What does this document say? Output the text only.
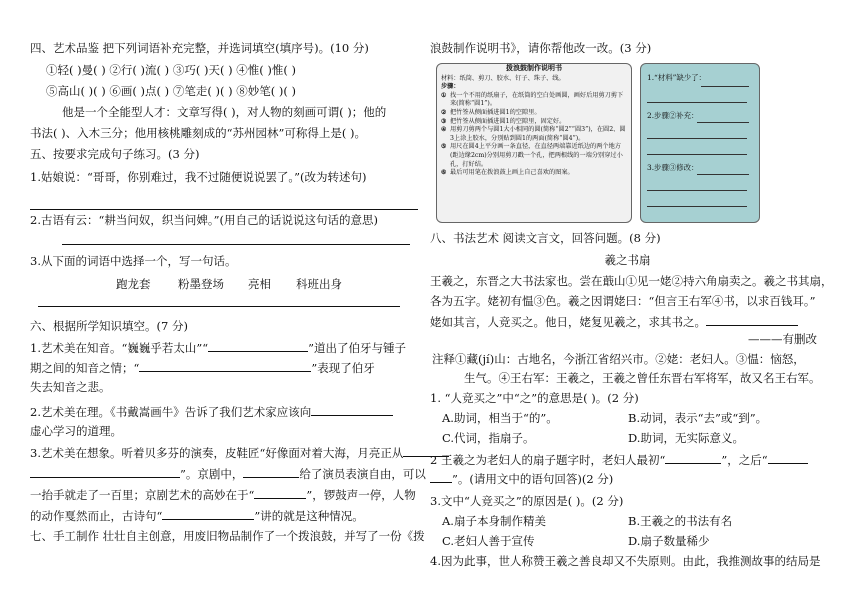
四、艺术品鉴 把下列词语补充完整，并选词填空(填序号)。(10 分)
①轻( )曼( ) ②行( )流( ) ③巧( )天( ) ④惟( )惟( )
⑤高山( )( ) ⑥画( )点( ) ⑦笔走( )( ) ⑧妙笔( )( )
他是一个全能型人才：文章写得( )，对人物的刻画可谓( )；他的
书法( )、入木三分；他用核桃雕刻成的“苏州园林”可称得上是( )。
五、按要求完成句子练习。(3 分)
1.姑娘说：“哥哥，你别难过，我不过随便说说罢了。”(改为转述句)
2.古语有云：“耕当问奴，织当问婢。”(用自己的话说说这句话的意思)
3.从下面的词语中选择一个，写一句话。
跑龙套 粉墨登场 亮相 科班出身
六、根据所学知识填空。(7 分)
1.艺术美在知音。“巍巍乎若太山”“	”道出了伯牙与锺子
期之间的知音之情；“	”表现了伯牙
失去知音之悲。
2.艺术美在理。《书戴嵩画牛》告诉了我们艺术家应该向
虚心学习的道理。
3.艺术美在想象。听着贝多芬的演奏，皮鞋匠“好像面对着大海，月亮正从
”。京剧中，	给了演员表演自由，可以
一抬手就走了一百里；京剧艺术的高妙在于“	”，锣鼓声一停，人物
的动作戛然而止，古诗句“	”讲的就是这种情况。
七、手工制作 壮壮自主创意，用废旧物品制作了一个拨浪鼓，并写了一份《拨
浪鼓制作说明书》，请你帮他改一改。(3 分)
拨浪鼓制作说明书
材料：纸筒、剪刀、胶水、钉子、珠子、线。
步骤：
① 找一个不用的纸扇子，在纸筒的空白处画圆，画好后用剪刀剪下来(简称“圆1”)。
② 把竹签从侧面插进圆1的空隙里。
③ 把竹签从侧面插进圆1的空隙里，固定好。
④ 用剪刀剪两个与圆1大小相同的圆(简称“圆2”“圆3”)，在圆2、圆3上涂上胶水，分别贴到圆1的两面(简称“圆4”)。
⑤ 用尺在圆4上平分画一条直径，在直径两端靠近纸边的两个地方(距边缘2cm)分别用剪刀戳一个孔，把两根线的一端分别穿过小孔，打好结。
⑥ 最后可用笔在拨浪鼓上画上自己喜欢的图案。
1.“材料”缺少了：
2.步骤②补充：
3.步骤③修改：
八、书法艺术 阅读文言文，回答问题。(8 分)
羲之书扇
王羲之，东晋之大书法家也。尝在蕺山①见一姥②持六角扇卖之。羲之书其扇，
各为五字。姥初有愠③色。羲之因谓姥曰：“但言王右军④书，以求百钱耳。”
姥如其言，人竞买之。他日，姥复见羲之，求其书之。
———有删改
注释①藏(jí)山：古地名，今浙江省绍兴市。②姥：老妇人。③愠：恼怒，
生气。④王右军：王羲之，王羲之曾任东晋右军将军，故又名王右军。
1. “人竞买之”中“之”的意思是( )。(2 分)
A.助词，相当于“的”。	B.动词，表示“去”或“到”。
C.代词，指扇子。	D.助词，无实际意义。
2 王羲之为老妇人的扇子题字时，老妇人最初“	”，之后“
”。(请用文中的语句回答)(2 分)
3.文中“人竞买之”的原因是( )。(2 分)
A.扇子本身制作精美	B.王羲之的书法有名
C.老妇人善于宣传	D.扇子数量稀少
4.因为此事，世人称赞王羲之善良却又不失原则。由此，我推测故事的结局是
